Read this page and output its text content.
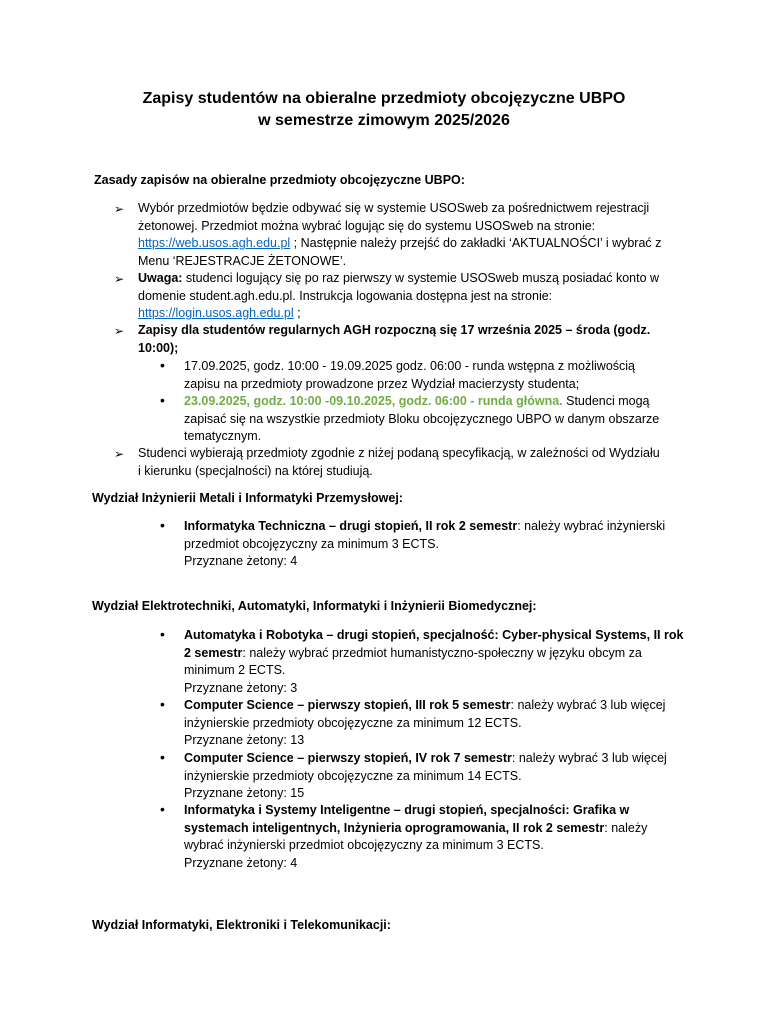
Zapisy studentów na obieralne przedmioty obcojęzyczne UBPO
w semestrze zimowym 2025/2026
Zasady zapisów na obieralne przedmioty obcojęzyczne UBPO:
➢ Wybór przedmiotów będzie odbywać się w systemie USOSweb za pośrednictwem rejestracji
żetonowej. Przedmiot można wybrać logując się do systemu USOSweb na stronie:
https://web.usos.agh.edu.pl ; Następnie należy przejść do zakładki ‘AKTUALNOŚCI’ i wybrać z
Menu ‘REJESTRACJE ŻETONOWE’.
➢ Uwaga: studenci logujący się po raz pierwszy w systemie USOSweb muszą posiadać konto w
domenie student.agh.edu.pl. Instrukcja logowania dostępna jest na stronie:
https://login.usos.agh.edu.pl ;
➢ Zapisy dla studentów regularnych AGH rozpoczną się 17 września 2025 – środa (godz.
10:00);
• 17.09.2025, godz. 10:00 - 19.09.2025 godz. 06:00 - runda wstępna z możliwością
zapisu na przedmioty prowadzone przez Wydział macierzysty studenta;
• 23.09.2025, godz. 10:00 -09.10.2025, godz. 06:00 - runda główna. Studenci mogą
zapisać się na wszystkie przedmioty Bloku obcojęzycznego UBPO w danym obszarze
tematycznym.
➢ Studenci wybierają przedmioty zgodnie z niżej podaną specyfikacją, w zależności od Wydziału
i kierunku (specjalności) na której studiują.
Wydział Inżynierii Metali i Informatyki Przemysłowej:
• Informatyka Techniczna – drugi stopień, II rok 2 semestr: należy wybrać inżynierski
przedmiot obcojęzyczny za minimum 3 ECTS.
Przyznane żetony: 4
Wydział Elektrotechniki, Automatyki, Informatyki i Inżynierii Biomedycznej:
• Automatyka i Robotyka – drugi stopień, specjalność: Cyber-physical Systems, II rok
2 semestr: należy wybrać przedmiot humanistyczno-społeczny w języku obcym za
minimum 2 ECTS.
Przyznane żetony: 3
• Computer Science – pierwszy stopień, III rok 5 semestr: należy wybrać 3 lub więcej
inżynierskie przedmioty obcojęzyczne za minimum 12 ECTS.
Przyznane żetony: 13
• Computer Science – pierwszy stopień, IV rok 7 semestr: należy wybrać 3 lub więcej
inżynierskie przedmioty obcojęzyczne za minimum 14 ECTS.
Przyznane żetony: 15
• Informatyka i Systemy Inteligentne – drugi stopień, specjalności: Grafika w
systemach inteligentnych, Inżynieria oprogramowania, II rok 2 semestr: należy
wybrać inżynierski przedmiot obcojęzyczny za minimum 3 ECTS.
Przyznane żetony: 4
Wydział Informatyki, Elektroniki i Telekomunikacji:
